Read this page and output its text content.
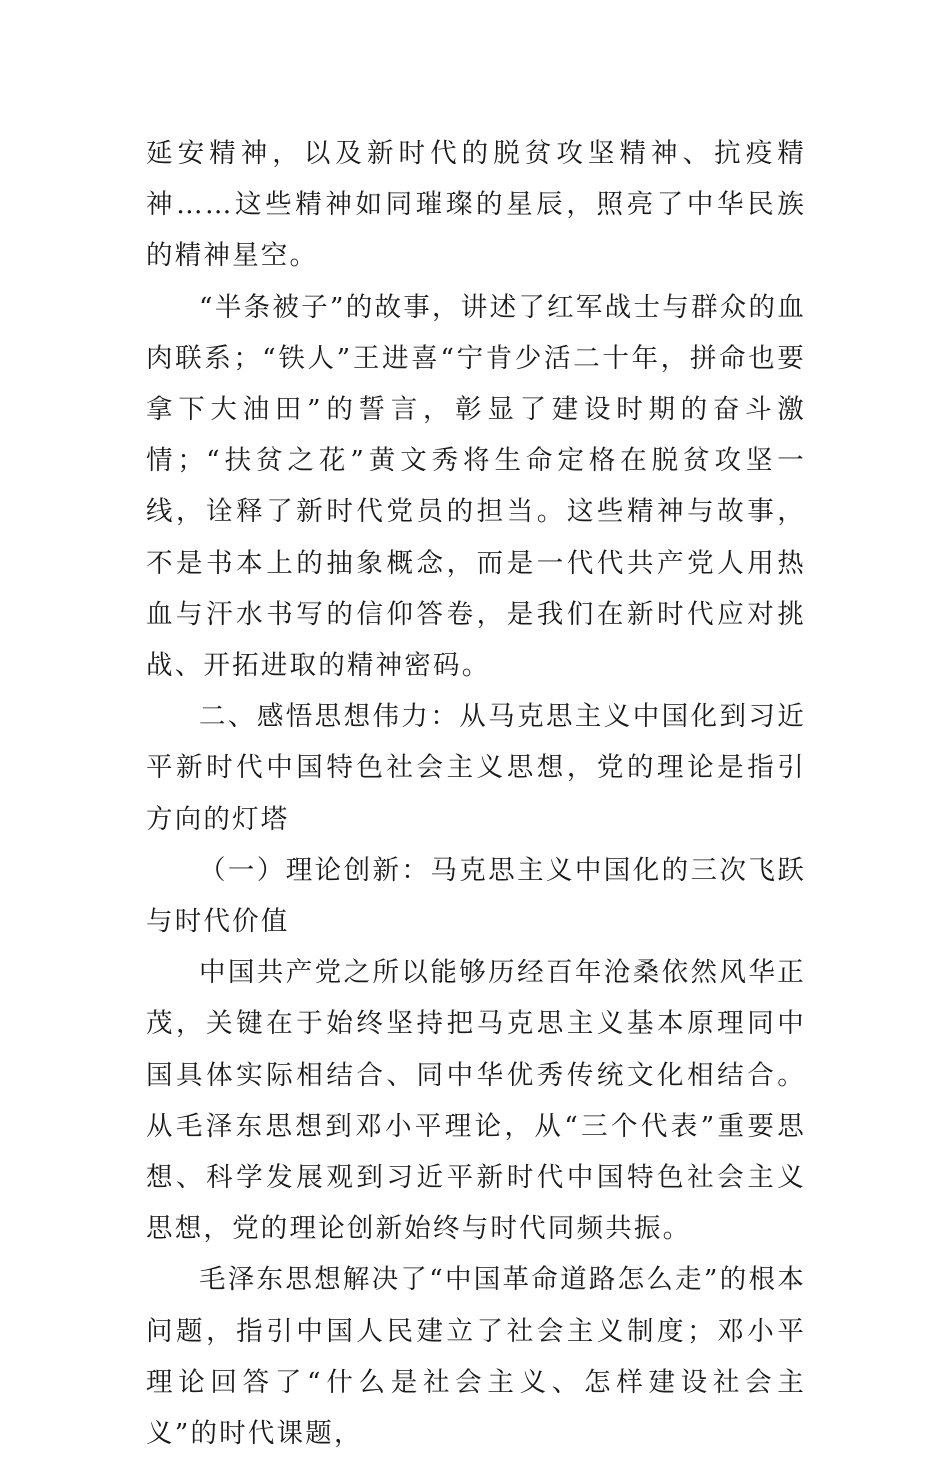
延安精神，以及新时代的脱贫攻坚精神、抗疫精神……这些精神如同璀璨的星辰，照亮了中华民族的精神星空。

“半条被子”的故事，讲述了红军战士与群众的血肉联系；“铁人”王进喜“宁肯少活二十年，拼命也要拿下大油田”的誓言，彰显了建设时期的奋斗激情；“扶贫之花”黄文秀将生命定格在脱贫攻坚一线，诠释了新时代党员的担当。这些精神与故事，不是书本上的抽象概念，而是一代代共产党人用热血与汗水书写的信仰答卷，是我们在新时代应对挑战、开拓进取的精神密码。

二、感悟思想伟力：从马克思主义中国化到习近平新时代中国特色社会主义思想，党的理论是指引方向的灯塔

（一）理论创新：马克思主义中国化的三次飞跃与时代价值

中国共产党之所以能够历经百年沧桑依然风华正茂，关键在于始终坚持把马克思主义基本原理同中国具体实际相结合、同中华优秀传统文化相结合。从毛泽东思想到邓小平理论，从“三个代表”重要思想、科学发展观到习近平新时代中国特色社会主义思想，党的理论创新始终与时代同频共振。

毛泽东思想解决了“中国革命道路怎么走”的根本问题，指引中国人民建立了社会主义制度；邓小平理论回答了“什么是社会主义、怎样建设社会主义”的时代课题，
